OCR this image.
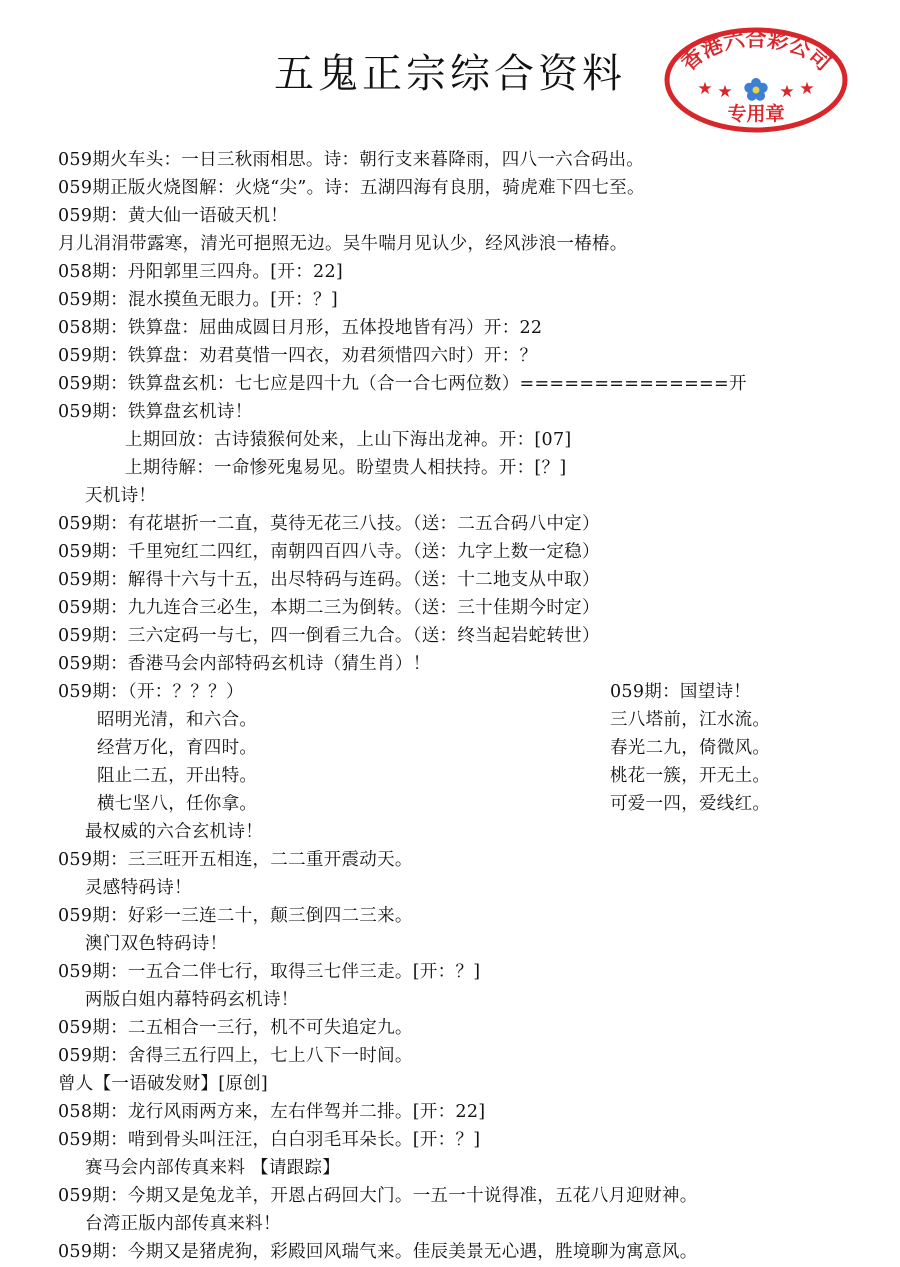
五鬼正宗综合资料	香港六合彩公司
★ ★	★ ★
专用章
059期火车头：一日三秋雨相思。诗：朝行支来暮降雨，四八一六合码出。
059期正版火烧图解：火烧“尖”。诗：五湖四海有良朋，骑虎难下四七至。
059期：黄大仙一语破天机！
月儿涓涓带露寒，清光可挹照无边。吴牛喘月见认少，经风涉浪一椿椿。
058期：丹阳郭里三四舟。[开：22]
059期：混水摸鱼无眼力。[开：？]
058期：铁算盘：屈曲成圆日月形，五体投地皆有冯）开：22
059期：铁算盘：劝君莫惜一四衣，劝君须惜四六时）开：？
059期：铁算盘玄机：七七应是四十九（合一合七两位数）==============开
059期：铁算盘玄机诗！
上期回放：古诗猿猴何处来，上山下海出龙神。开：[07]
上期待解：一命惨死鬼易见。盼望贵人相扶持。开：[？]
天机诗！
059期：有花堪折一二直，莫待无花三八技。（送：二五合码八中定）
059期：千里宛红二四红，南朝四百四八寺。（送：九字上数一定稳）
059期：解得十六与十五，出尽特码与连码。（送：十二地支从中取）
059期：九九连合三必生，本期二三为倒转。（送：三十佳期今时定）
059期：三六定码一与七，四一倒看三九合。（送：终当起岩蛇转世）
059期：香港马会内部特码玄机诗（猜生肖）！
059期：（开：？？？）
昭明光清，和六合。
经营万化，育四时。
阻止二五，开出特。
横七坚八，任你拿。
最权威的六合玄机诗！
059期：三三旺开五相连，二二重开震动天。
灵感特码诗！
059期：好彩一三连二十，颠三倒四二三来。
澳门双色特码诗！
059期：一五合二伴七行，取得三七伴三走。[开：？]
两版白姐内幕特码玄机诗！
059期：二五相合一三行，机不可失追定九。
059期：舍得三五行四上，七上八下一时间。
曾人【一语破发财】[原创]
058期：龙行风雨两方来，左右伴驾并二排。[开：22]
059期：啃到骨头叫汪汪，白白羽毛耳朵长。[开：？]
赛马会内部传真来料 【请跟踪】
059期：今期又是兔龙羊，开恩占码回大门。一五一十说得准，五花八月迎财神。
台湾正版内部传真来料！
059期：今期又是猪虎狗，彩殿回风瑞气来。佳辰美景无心遇，胜境聊为寓意风。
059期：国望诗！
三八塔前，江水流。
春光二九，倚微风。
桃花一簇，开无土。
可爱一四，爱线红。
